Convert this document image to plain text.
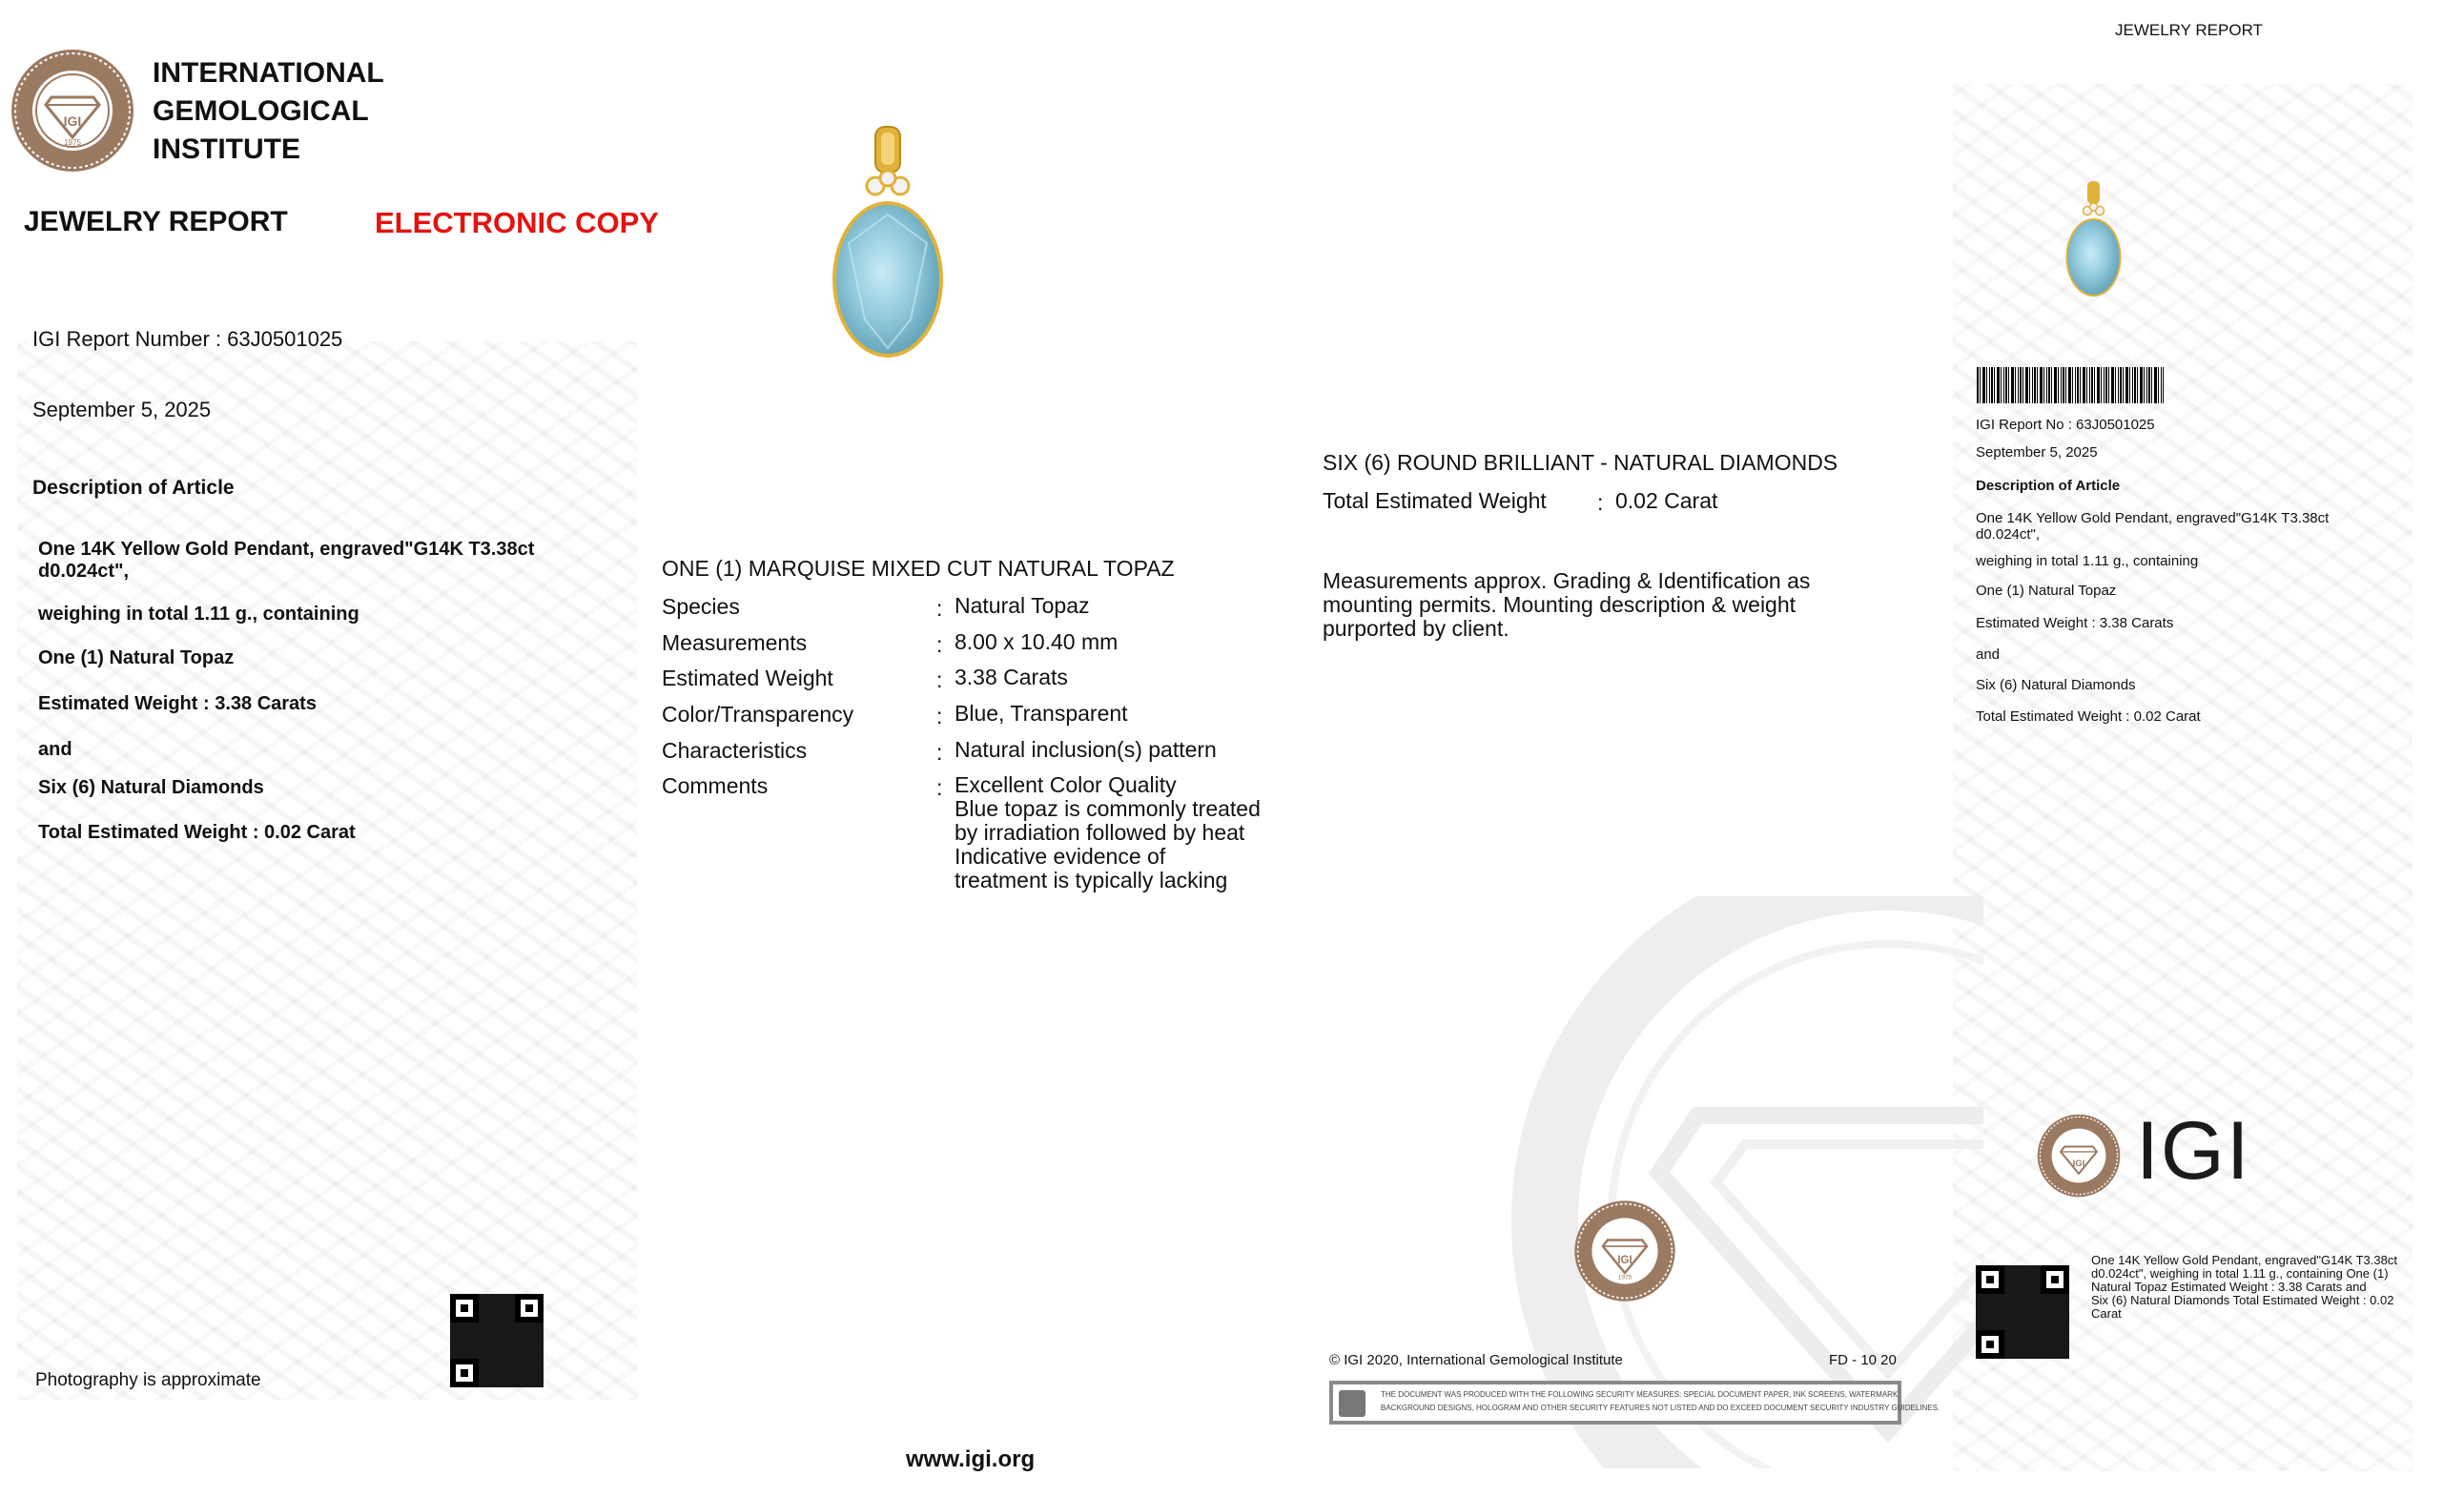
JEWELRY REPORT
IGI
1975
INTERNATIONAL
GEMOLOGICAL
INSTITUTE
JEWELRY REPORT	ELECTRONIC COPY
IGI Report Number : 63J0501025
September 5, 2025
Description of Article
One 14K Yellow Gold Pendant, engraved"G14K T3.38ct
d0.024ct",
weighing in total 1.11 g., containing
One (1) Natural Topaz
Estimated Weight : 3.38 Carats
and
Six (6) Natural Diamonds
Total Estimated Weight : 0.02 Carat
Photography is approximate
ONE (1) MARQUISE MIXED CUT NATURAL TOPAZ
Species	: Natural Topaz
Measurements	: 8.00 x 10.40 mm
Estimated Weight	: 3.38 Carats
Color/Transparency	: Blue, Transparent
Characteristics	: Natural inclusion(s) pattern
Comments	: Excellent Color Quality
Blue topaz is commonly treated
by irradiation followed by heat
Indicative evidence of
treatment is typically lacking
SIX (6) ROUND BRILLIANT - NATURAL DIAMONDS
Total Estimated Weight : 0.02 Carat
Measurements approx. Grading & Identification as
mounting permits. Mounting description & weight
purported by client.
IGI
1975
© IGI 2020, International Gemological Institute	FD - 10 20
THE DOCUMENT WAS PRODUCED WITH THE FOLLOWING SECURITY MEASURES: SPECIAL DOCUMENT PAPER, INK SCREENS, WATERMARK
BACKGROUND DESIGNS, HOLOGRAM AND OTHER SECURITY FEATURES NOT LISTED AND DO EXCEED DOCUMENT SECURITY INDUSTRY GUIDELINES.
www.igi.org
IGI Report No : 63J0501025
September 5, 2025
Description of Article
One 14K Yellow Gold Pendant, engraved"G14K T3.38ct
d0.024ct",
weighing in total 1.11 g., containing
One (1) Natural Topaz
Estimated Weight : 3.38 Carats
and
Six (6) Natural Diamonds
Total Estimated Weight : 0.02 Carat
IGI IGI
One 14K Yellow Gold Pendant, engraved"G14K T3.38ct
d0.024ct", weighing in total 1.11 g., containing One (1)
Natural Topaz Estimated Weight : 3.38 Carats and
Six (6) Natural Diamonds Total Estimated Weight : 0.02
Carat
